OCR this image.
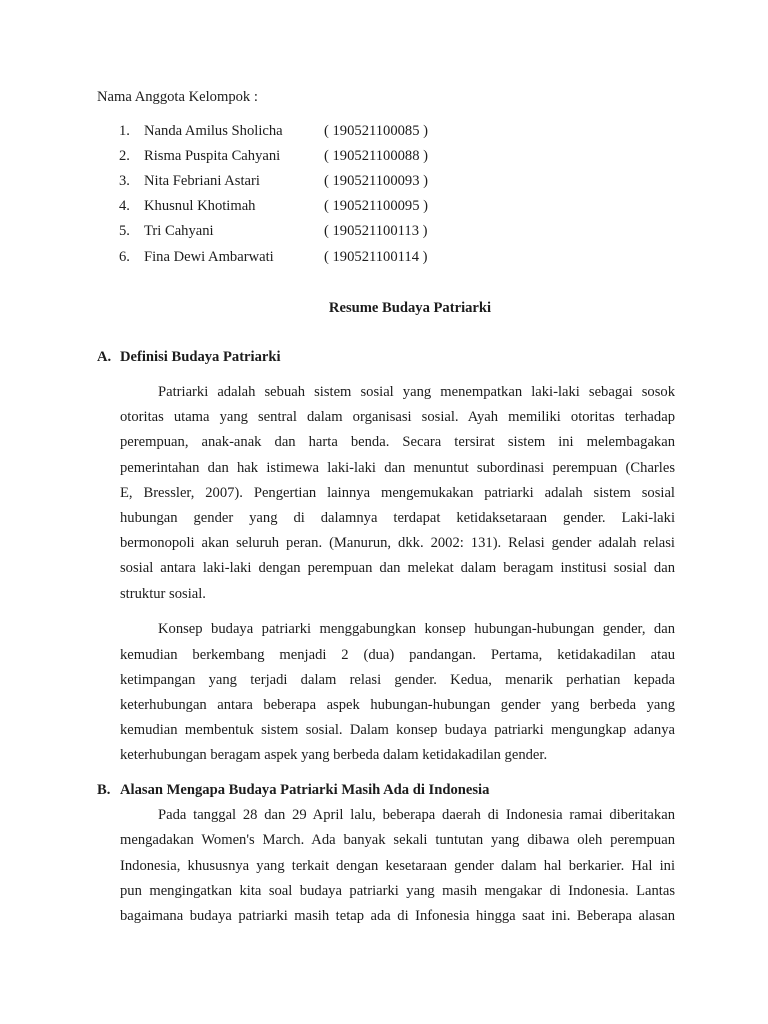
Nama Anggota Kelompok :
1. Nanda Amilus Sholicha	( 190521100085 )
2. Risma Puspita Cahyani	( 190521100088 )
3. Nita Febriani Astari	( 190521100093 )
4. Khusnul Khotimah	( 190521100095 )
5. Tri Cahyani	( 190521100113 )
6. Fina Dewi Ambarwati	( 190521100114 )
Resume Budaya Patriarki
A. Definisi Budaya Patriarki
Patriarki adalah sebuah sistem sosial yang menempatkan laki-laki sebagai sosok
otoritas utama yang sentral dalam organisasi sosial. Ayah memiliki otoritas terhadap
perempuan, anak-anak dan harta benda. Secara tersirat sistem ini melembagakan
pemerintahan dan hak istimewa laki-laki dan menuntut subordinasi perempuan (Charles
E, Bressler, 2007). Pengertian lainnya mengemukakan patriarki adalah sistem sosial
hubungan gender yang di dalamnya terdapat ketidaksetaraan gender. Laki-laki
bermonopoli akan seluruh peran. (Manurun, dkk. 2002: 131). Relasi gender adalah relasi
sosial antara laki-laki dengan perempuan dan melekat dalam beragam institusi sosial dan
struktur sosial.
Konsep budaya patriarki menggabungkan konsep hubungan-hubungan gender, dan
kemudian berkembang menjadi 2 (dua) pandangan. Pertama, ketidakadilan atau
ketimpangan yang terjadi dalam relasi gender. Kedua, menarik perhatian kepada
keterhubungan antara beberapa aspek hubungan-hubungan gender yang berbeda yang
kemudian membentuk sistem sosial. Dalam konsep budaya patriarki mengungkap adanya
keterhubungan beragam aspek yang berbeda dalam ketidakadilan gender.
B. Alasan Mengapa Budaya Patriarki Masih Ada di Indonesia
Pada tanggal 28 dan 29 April lalu, beberapa daerah di Indonesia ramai diberitakan
mengadakan Women's March. Ada banyak sekali tuntutan yang dibawa oleh perempuan
Indonesia, khususnya yang terkait dengan kesetaraan gender dalam hal berkarier. Hal ini
pun mengingatkan kita soal budaya patriarki yang masih mengakar di Indonesia. Lantas
bagaimana budaya patriarki masih tetap ada di Infonesia hingga saat ini. Beberapa alasan
